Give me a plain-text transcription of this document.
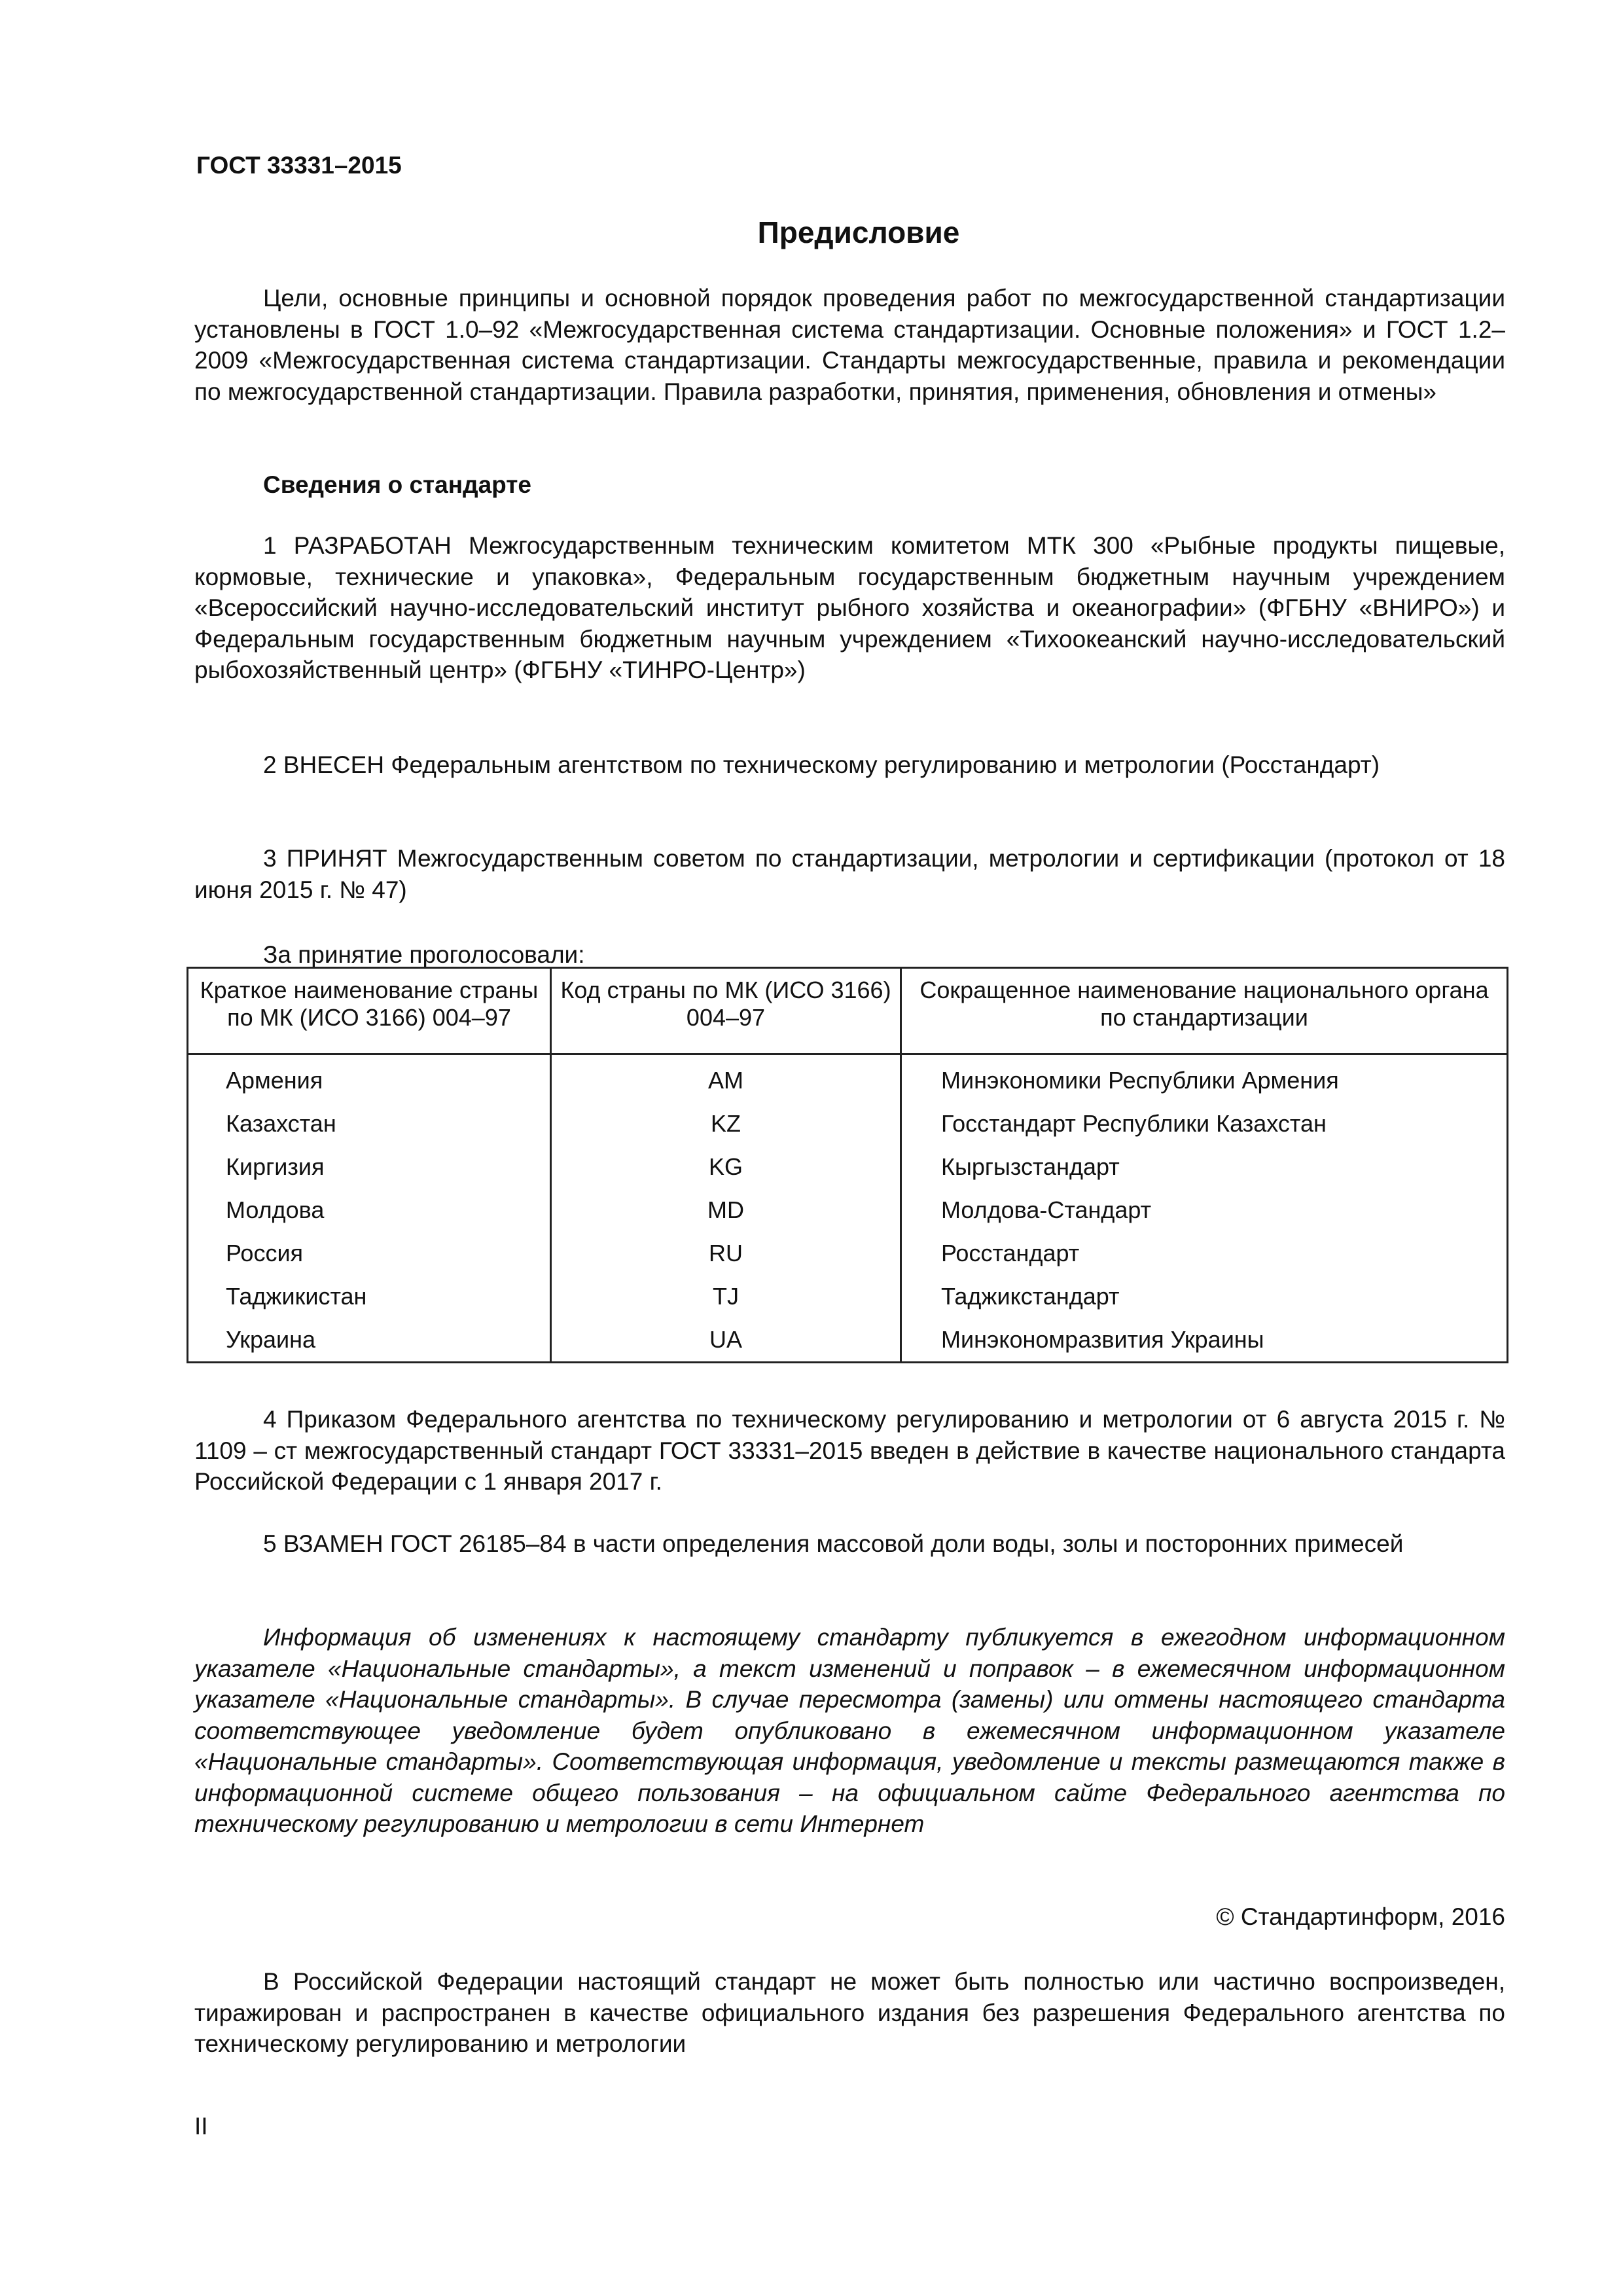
ГОСТ 33331–2015
Предисловие
Цели, основные принципы и основной порядок проведения работ по межгосударственной стандартизации установлены в ГОСТ 1.0–92 «Межгосударственная система стандартизации. Основные положения» и ГОСТ 1.2–2009 «Межгосударственная система стандартизации. Стандарты межгосударственные, правила и рекомендации по межгосударственной стандартизации. Правила разработки, принятия, применения, обновления и отмены»
Сведения о стандарте
1 РАЗРАБОТАН Межгосударственным техническим комитетом МТК 300 «Рыбные продукты пищевые, кормовые, технические и упаковка», Федеральным государственным бюджетным научным учреждением «Всероссийский научно-исследовательский институт рыбного хозяйства и океанографии» (ФГБНУ «ВНИРО») и Федеральным государственным бюджетным научным учреждением «Тихоокеанский научно-исследовательский рыбохозяйственный центр» (ФГБНУ «ТИНРО-Центр»)
2 ВНЕСЕН Федеральным агентством по техническому регулированию и метрологии (Росстандарт)
3 ПРИНЯТ Межгосударственным советом по стандартизации, метрологии и сертификации (протокол от 18 июня 2015 г. № 47)
За принятие проголосовали:
Краткое наименование страны по МК (ИСО 3166) 004–97	Код страны по МК (ИСО 3166) 004–97	Сокращенное наименование национального органа по стандартизации
Армения	AM	Минэкономики Республики Армения
Казахстан	KZ	Госстандарт Республики Казахстан
Киргизия	KG	Кыргызстандарт
Молдова	MD	Молдова-Стандарт
Россия	RU	Росстандарт
Таджикистан	TJ	Таджикстандарт
Украина	UA	Минэкономразвития Украины
4 Приказом Федерального агентства по техническому регулированию и метрологии от 6 августа 2015 г. № 1109 – ст межгосударственный стандарт ГОСТ 33331–2015 введен в действие в качестве национального стандарта Российской Федерации с 1 января 2017 г.
5 ВЗАМЕН ГОСТ 26185–84 в части определения массовой доли воды, золы и посторонних примесей
Информация об изменениях к настоящему стандарту публикуется в ежегодном информационном указателе «Национальные стандарты», а текст изменений и поправок – в ежемесячном информационном указателе «Национальные стандарты». В случае пересмотра (замены) или отмены настоящего стандарта соответствующее уведомление будет опубликовано в ежемесячном информационном указателе «Национальные стандарты». Соответствующая информация, уведомление и тексты размещаются также в информационной системе общего пользования – на официальном сайте Федерального агентства по техническому регулированию и метрологии в сети Интернет
© Стандартинформ, 2016
В Российской Федерации настоящий стандарт не может быть полностью или частично воспроизведен, тиражирован и распространен в качестве официального издания без разрешения Федерального агентства по техническому регулированию и метрологии
II
